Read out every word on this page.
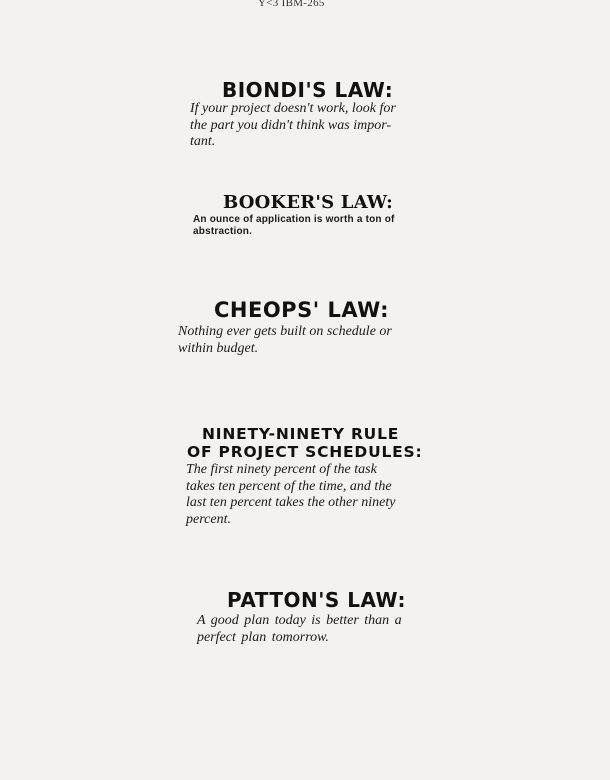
Y<3 IBM-265
BIONDI'S LAW:

If your project doesn't work, look for
the part you didn't think was impor-
tant.

BOOKER'S LAW:

An ounce of application is worth a ton of
abstraction.

CHEOPS' LAW:

Nothing ever gets built on schedule or
within budget.

NINETY-NINETY RULE
OF PROJECT SCHEDULES:

The first ninety percent of the task
takes ten percent of the time, and the
last ten percent takes the other ninety
percent.

PATTON'S LAW:

A good plan today is better than a
perfect plan tomorrow.
